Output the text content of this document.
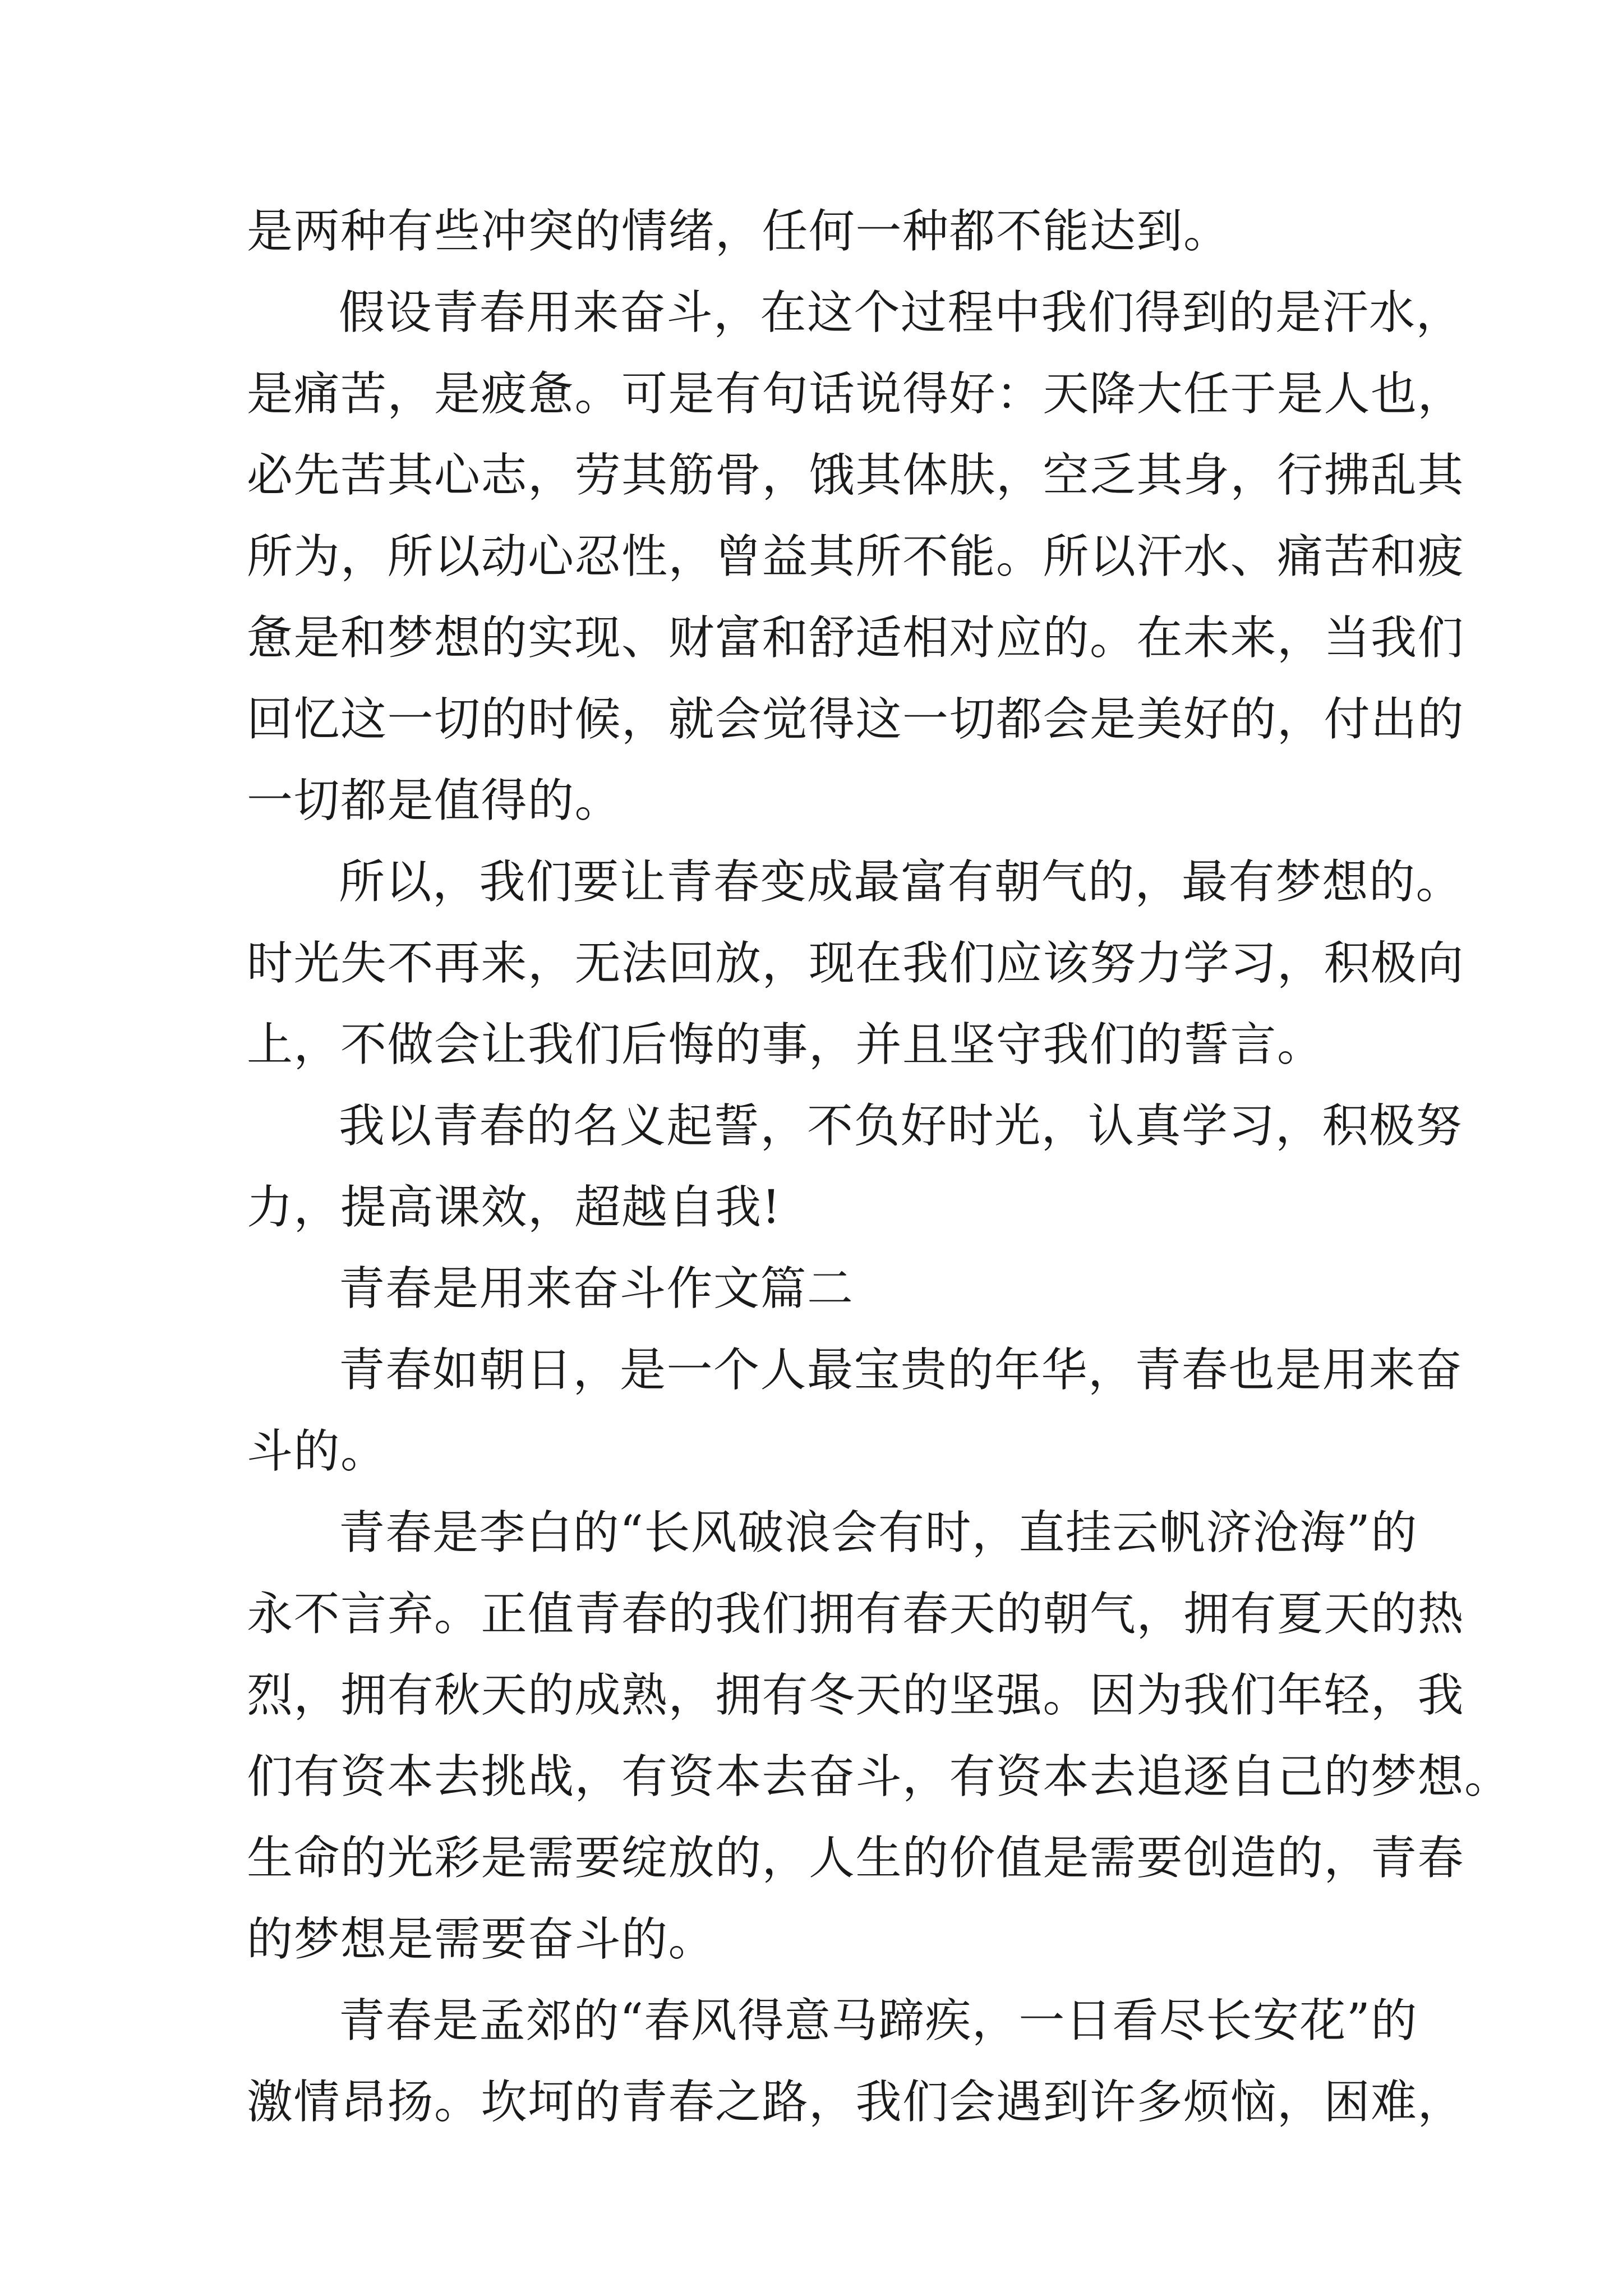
是两种有些冲突的情绪，任何一种都不能达到。
假设青春用来奋斗，在这个过程中我们得到的是汗水，
是痛苦，是疲惫。可是有句话说得好：天降大任于是人也，
必先苦其心志，劳其筋骨，饿其体肤，空乏其身，行拂乱其
所为，所以动心忍性，曾益其所不能。所以汗水、痛苦和疲
惫是和梦想的实现、财富和舒适相对应的。在未来，当我们
回忆这一切的时候，就会觉得这一切都会是美好的，付出的
一切都是值得的。
所以，我们要让青春变成最富有朝气的，最有梦想的。
时光失不再来，无法回放，现在我们应该努力学习，积极向
上，不做会让我们后悔的事，并且坚守我们的誓言。
我以青春的名义起誓，不负好时光，认真学习，积极努
力，提高课效，超越自我!
青春是用来奋斗作文篇二
青春如朝日，是一个人最宝贵的年华，青春也是用来奋
斗的。
青春是李白的“长风破浪会有时，直挂云帆济沧海”的
永不言弃。正值青春的我们拥有春天的朝气，拥有夏天的热
烈，拥有秋天的成熟，拥有冬天的坚强。因为我们年轻，我
们有资本去挑战，有资本去奋斗，有资本去追逐自己的梦想。
生命的光彩是需要绽放的，人生的价值是需要创造的，青春
的梦想是需要奋斗的。
青春是孟郊的“春风得意马蹄疾，一日看尽长安花”的
激情昂扬。坎坷的青春之路，我们会遇到许多烦恼，困难，
